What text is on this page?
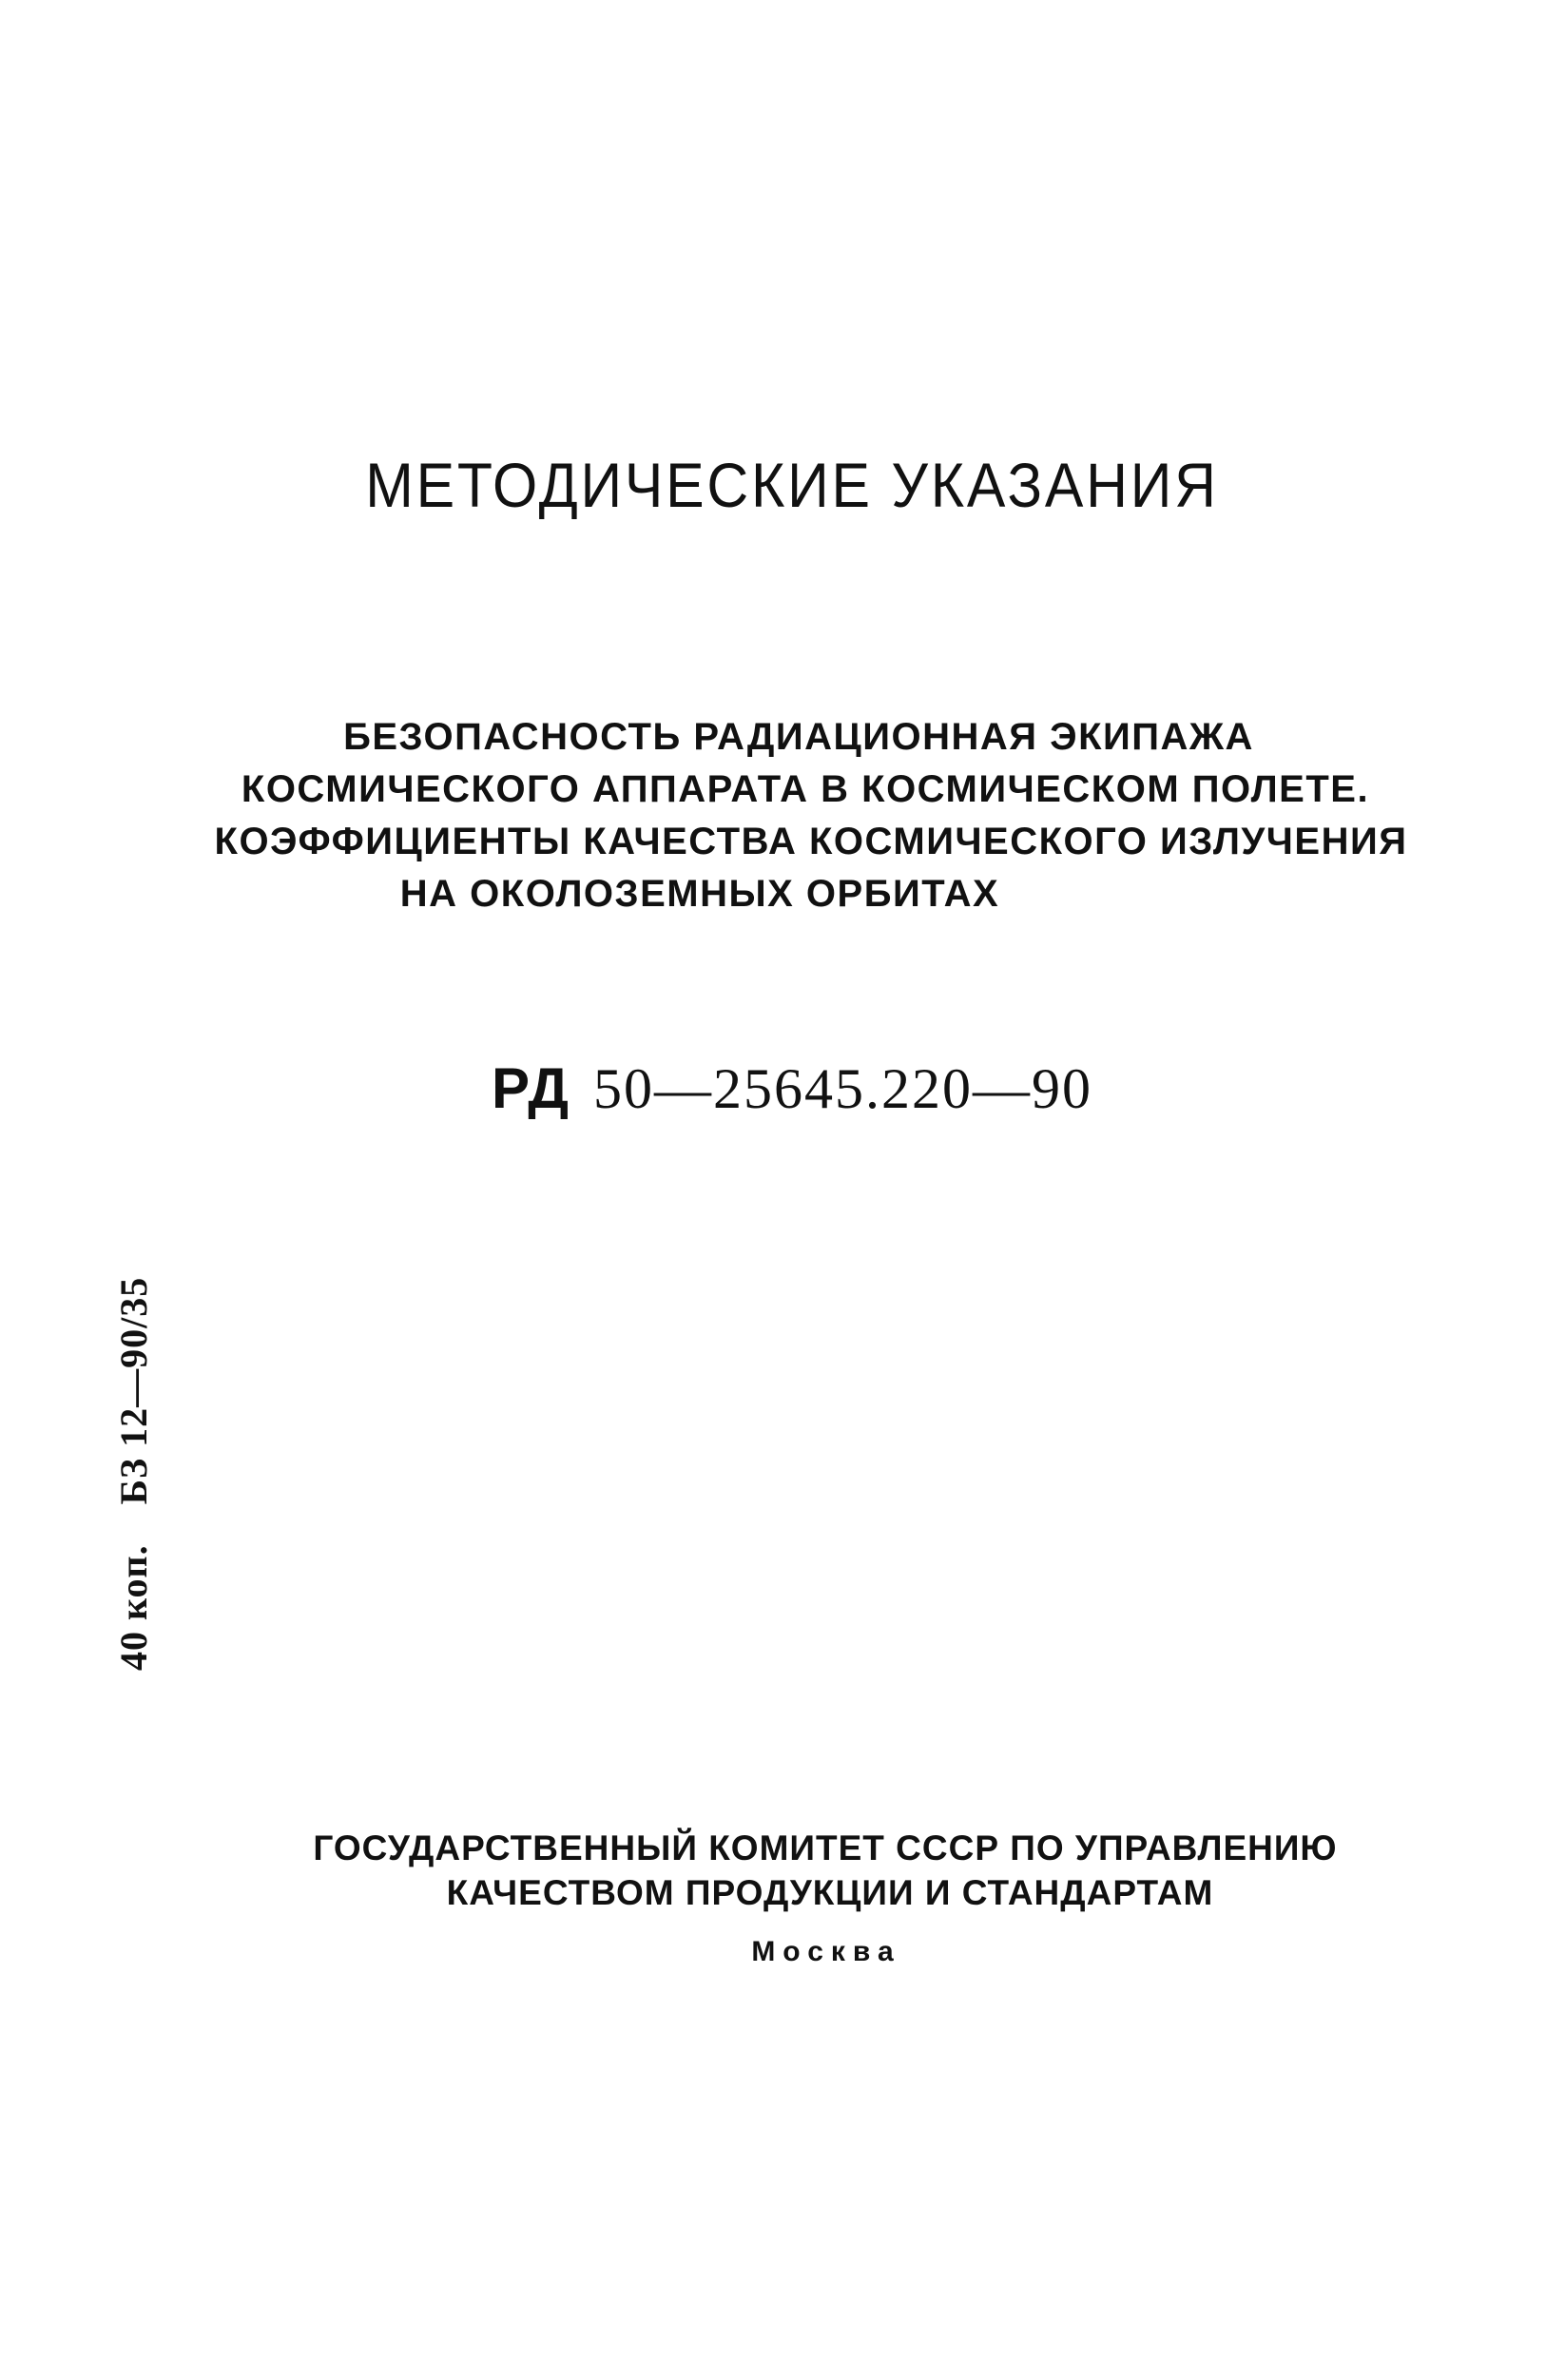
МЕТОДИЧЕСКИЕ УКАЗАНИЯ
БЕЗОПАСНОСТЬ РАДИАЦИОННАЯ ЭКИПАЖА
КОСМИЧЕСКОГО АППАРАТА В КОСМИЧЕСКОМ ПОЛЕТЕ.
КОЭФФИЦИЕНТЫ КАЧЕСТВА КОСМИЧЕСКОГО ИЗЛУЧЕНИЯ
НА ОКОЛОЗЕМНЫХ ОРБИТАХ
РД 50—25645.220—90
40 коп.БЗ 12—90/35
ГОСУДАРСТВЕННЫЙ КОМИТЕТ СССР ПО УПРАВЛЕНИЮ
КАЧЕСТВОМ ПРОДУКЦИИ И СТАНДАРТАМ
Москва
